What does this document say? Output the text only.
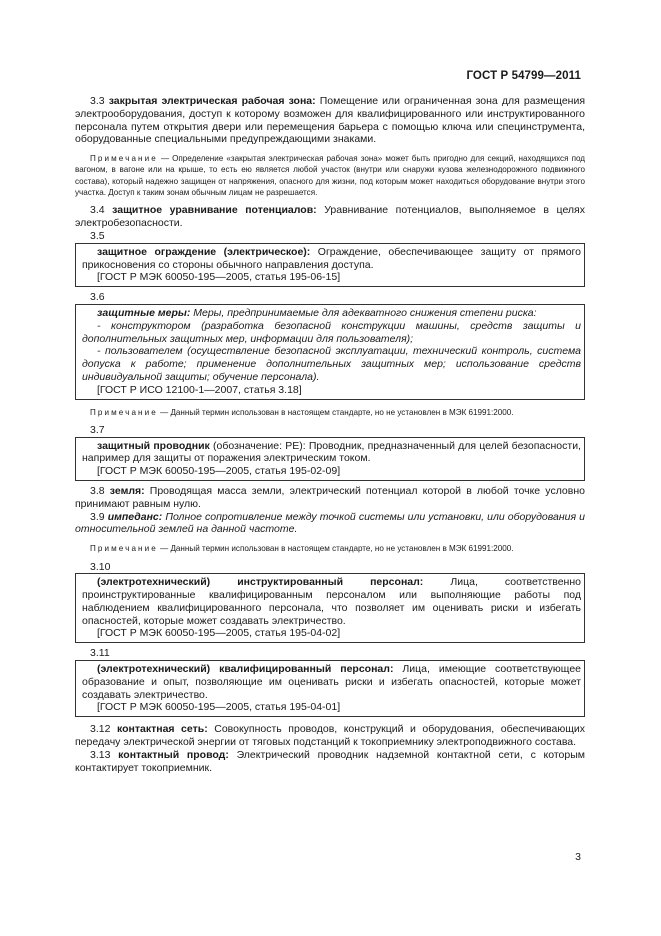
ГОСТ Р 54799—2011

3.3 закрытая электрическая рабочая зона: Помещение или ограниченная зона для размещения электрооборудования, доступ к которому возможен для квалифицированного или инструктированного персонала путем открытия двери или перемещения барьера с помощью ключа или специнструмента, оборудованные специальными предупреждающими знаками.

Примечание — Определение «закрытая электрическая рабочая зона» может быть пригодно для секций, находящихся под вагоном, в вагоне или на крыше, то есть ею является любой участок (внутри или снаружи кузова железнодорожного подвижного состава), который надежно защищен от напряжения, опасного для жизни, под которым может находиться оборудование внутри этого участка. Доступ к таким зонам обычным лицам не разрешается.

3.4 защитное уравнивание потенциалов: Уравнивание потенциалов, выполняемое в целях электробезопасности.

3.5

защитное ограждение (электрическое): Ограждение, обеспечивающее защиту от прямого прикосновения со стороны обычного направления доступа.

[ГОСТ Р МЭК 60050-195—2005, статья 195-06-15]

3.6

защитные меры: Меры, предпринимаемые для адекватного снижения степени риска:

- конструктором (разработка безопасной конструкции машины, средств защиты и дополнительных защитных мер, информации для пользователя);

- пользователем (осуществление безопасной эксплуатации, технический контроль, система допуска к работе; применение дополнительных защитных мер; использование средств индивидуальной защиты; обучение персонала).

[ГОСТ Р ИСО 12100-1—2007, статья 3.18]

Примечание — Данный термин использован в настоящем стандарте, но не установлен в МЭК 61991:2000.

3.7

защитный проводник (обозначение: РЕ): Проводник, предназначенный для целей безопасности, например для защиты от поражения электрическим током.

[ГОСТ Р МЭК 60050-195—2005, статья 195-02-09]

3.8 земля: Проводящая масса земли, электрический потенциал которой в любой точке условно принимают равным нулю.

3.9 импеданс: Полное сопротивление между точкой системы или установки, или оборудования и относительной землей на данной частоте.

Примечание — Данный термин использован в настоящем стандарте, но не установлен в МЭК 61991:2000.

3.10

(электротехнический) инструктированный персонал: Лица, соответственно проинструктированные квалифицированным персоналом или выполняющие работы под наблюдением квалифицированного персонала, что позволяет им оценивать риски и избегать опасностей, которые может создавать электричество.

[ГОСТ Р МЭК 60050-195—2005, статья 195-04-02]

3.11

(электротехнический) квалифицированный персонал: Лица, имеющие соответствующее образование и опыт, позволяющие им оценивать риски и избегать опасностей, которые может создавать электричество.

[ГОСТ Р МЭК 60050-195—2005, статья 195-04-01]

3.12 контактная сеть: Совокупность проводов, конструкций и оборудования, обеспечивающих передачу электрической энергии от тяговых подстанций к токоприемнику электроподвижного состава.

3.13 контактный провод: Электрический проводник надземной контактной сети, с которым контактирует токоприемник.

3
